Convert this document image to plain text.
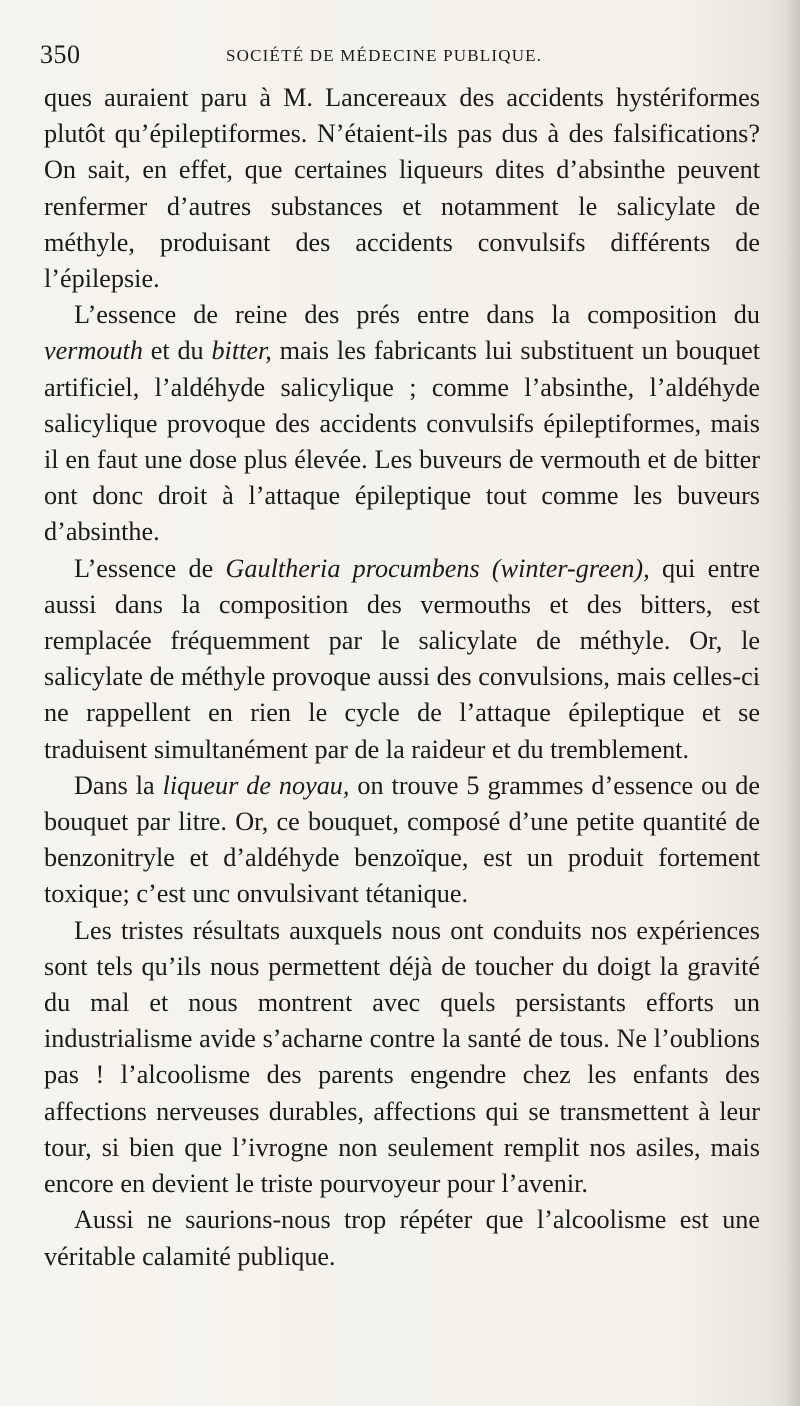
350	SOCIÉTÉ DE MÉDECINE PUBLIQUE.

ques auraient paru à M. Lancereaux des accidents hystériformes plutôt qu’épileptiformes. N’étaient-ils pas dus à des falsifications? On sait, en effet, que certaines liqueurs dites d’absinthe peuvent renfermer d’autres substances et notamment le salicylate de méthyle, produisant des accidents convulsifs différents de l’épilepsie.

L’essence de reine des prés entre dans la composition du vermouth et du bitter, mais les fabricants lui substituent un bouquet artificiel, l’aldéhyde salicylique ; comme l’absinthe, l’aldéhyde salicylique provoque des accidents convulsifs épileptiformes, mais il en faut une dose plus élevée. Les buveurs de vermouth et de bitter ont donc droit à l’attaque épileptique tout comme les buveurs d’absinthe.

L’essence de Gaultheria procumbens (winter-green), qui entre aussi dans la composition des vermouths et des bitters, est remplacée fréquemment par le salicylate de méthyle. Or, le salicylate de méthyle provoque aussi des convulsions, mais celles-ci ne rappellent en rien le cycle de l’attaque épileptique et se traduisent simultanément par de la raideur et du tremblement.

Dans la liqueur de noyau, on trouve 5 grammes d’essence ou de bouquet par litre. Or, ce bouquet, composé d’une petite quantité de benzonitryle et d’aldéhyde benzoïque, est un produit fortement toxique; c’est unc onvulsivant tétanique.

Les tristes résultats auxquels nous ont conduits nos expériences sont tels qu’ils nous permettent déjà de toucher du doigt la gravité du mal et nous montrent avec quels persistants efforts un industrialisme avide s’acharne contre la santé de tous. Ne l’oublions pas ! l’alcoolisme des parents engendre chez les enfants des affections nerveuses durables, affections qui se transmettent à leur tour, si bien que l’ivrogne non seulement remplit nos asiles, mais encore en devient le triste pourvoyeur pour l’avenir.

Aussi ne saurions-nous trop répéter que l’alcoolisme est une véritable calamité publique.
